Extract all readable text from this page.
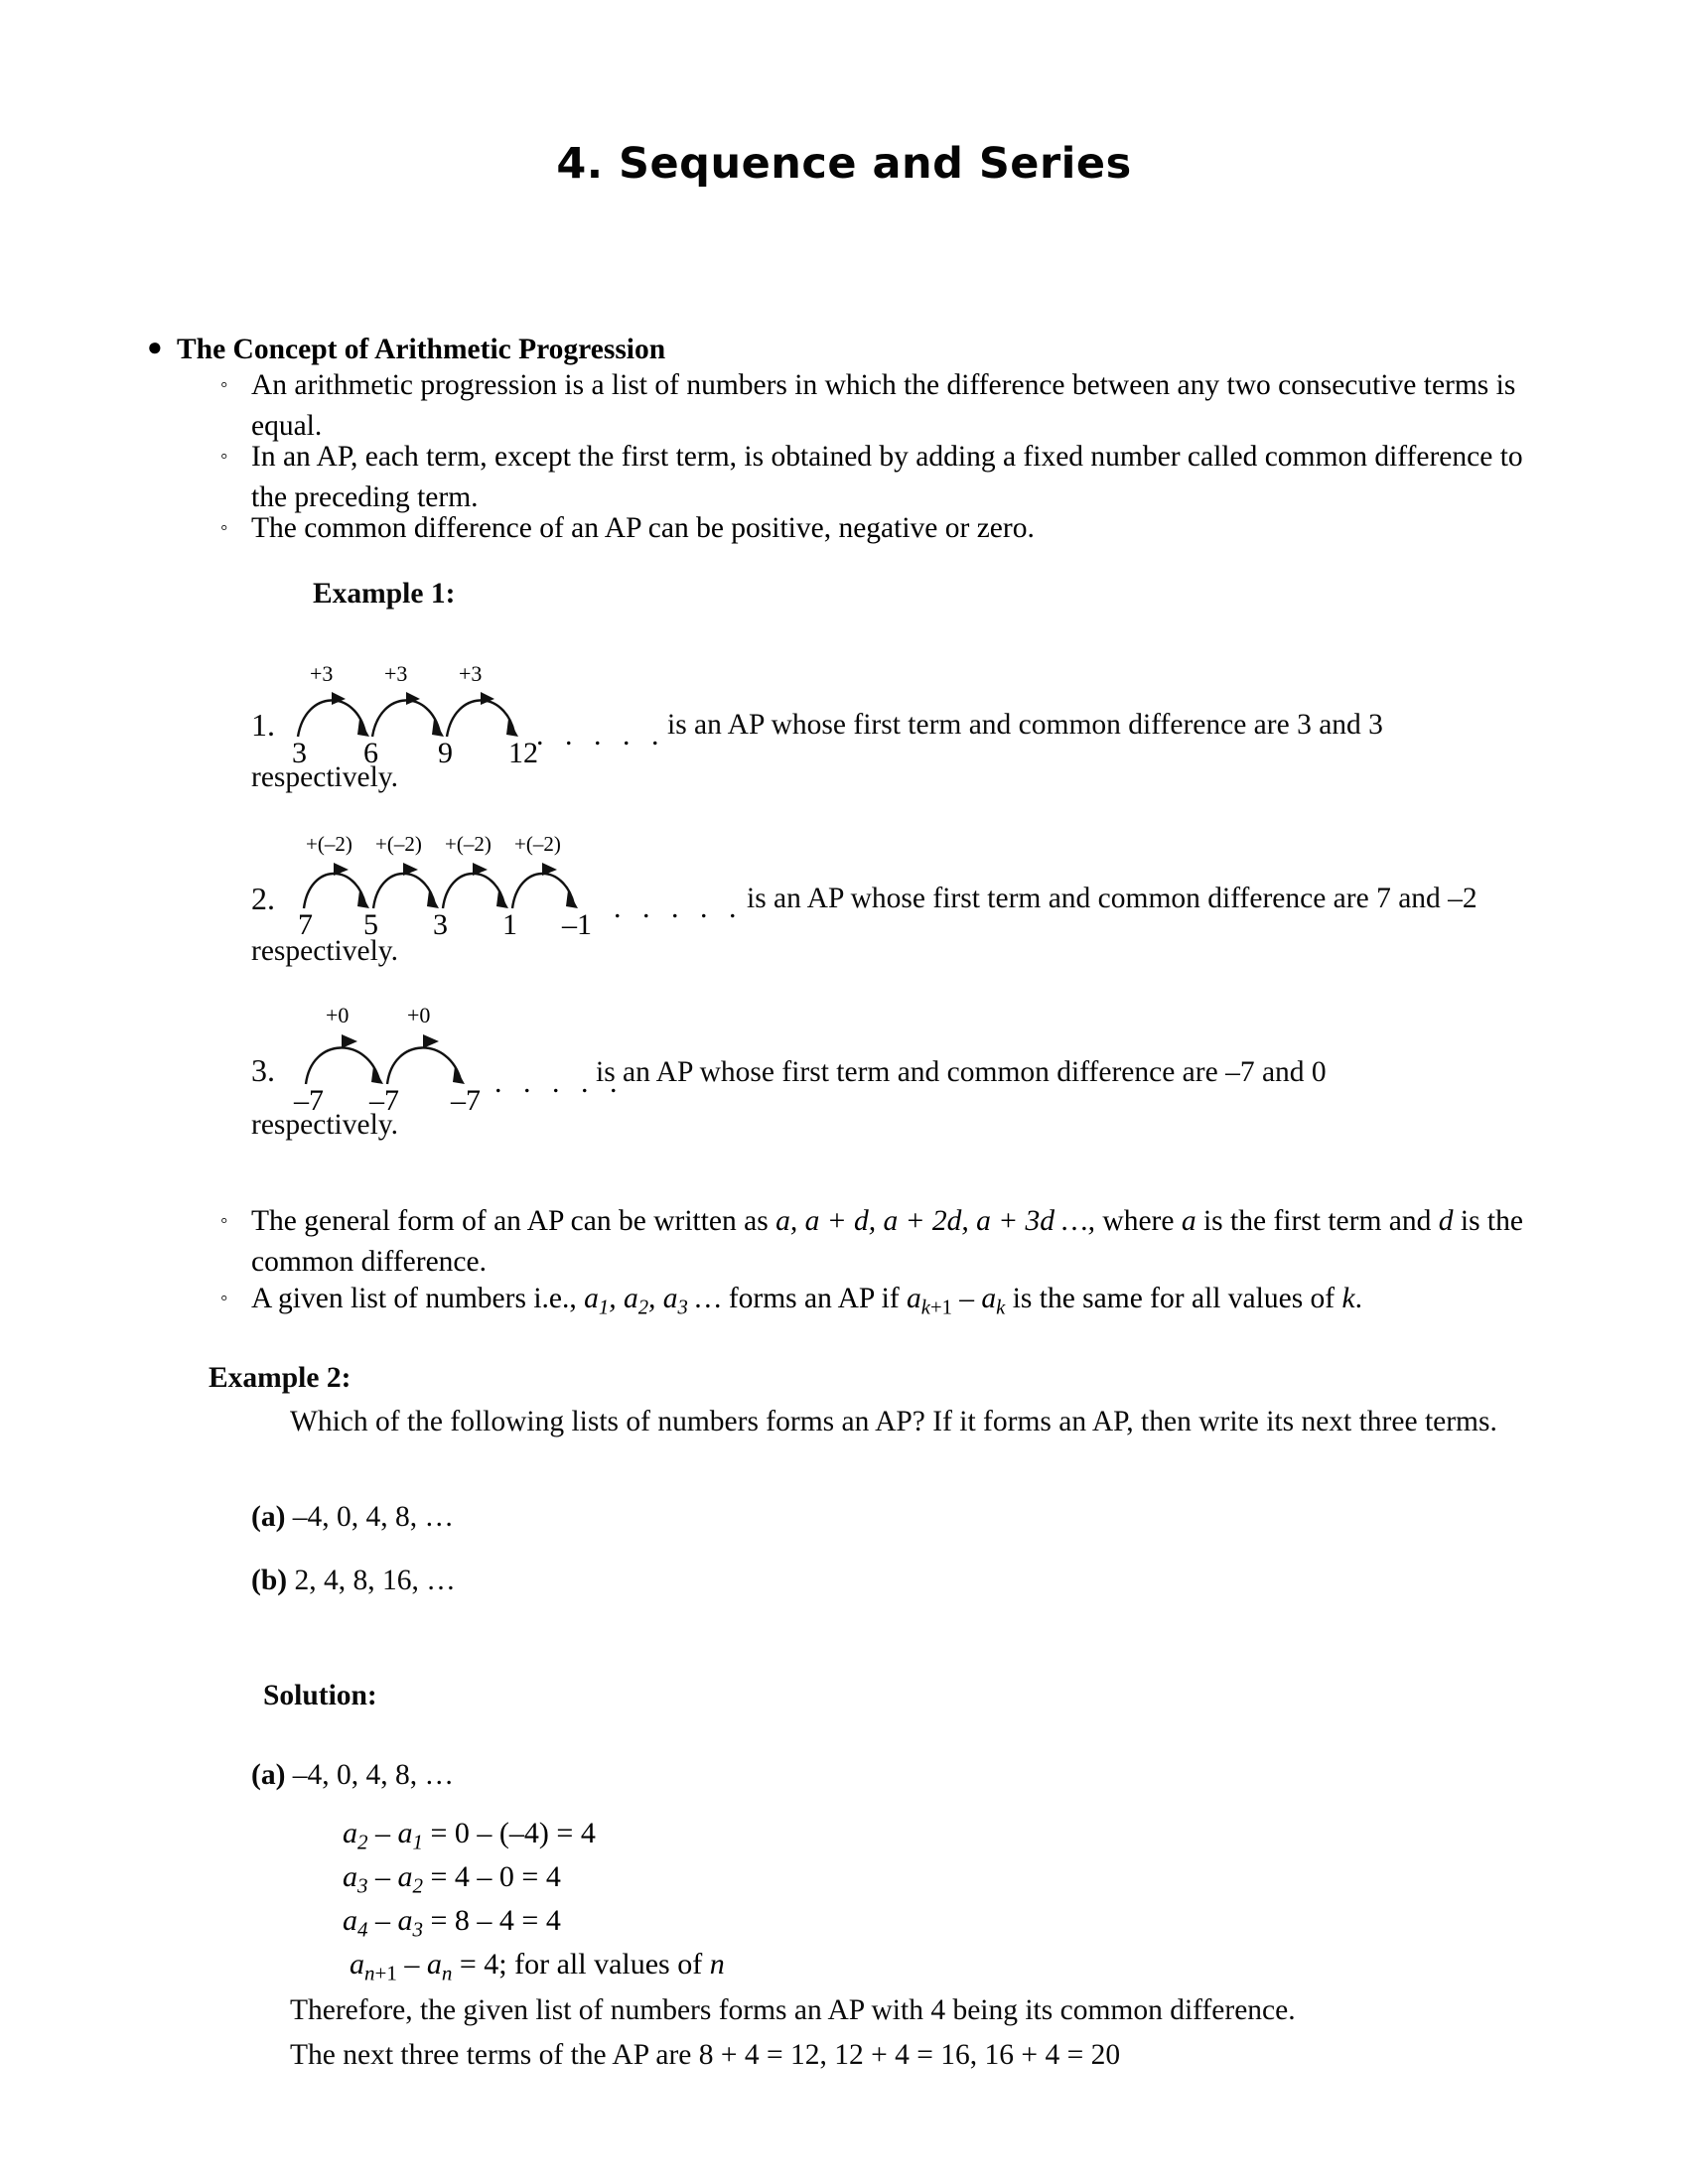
4. Sequence and Series
● The Concept of Arithmetic Progression
◦ An arithmetic progression is a list of numbers in which the difference between any two consecutive terms is equal.
◦ In an AP, each term, except the first term, is obtained by adding a fixed number called common difference to the preceding term.
◦ The common difference of an AP can be positive, negative or zero.
Example 1:
1.
+3 +3 +3
3 6 9 12
. . . . . is an AP whose first term and common difference are 3 and 3
respectively.
2.
+(–2) +(–2) +(–2) +(–2)
7 5 3 1 –1
. . . . . is an AP whose first term and common difference are 7 and –2
respectively.
3.
+0	+0
–7 –7 –7
. . . . .
is an AP whose first term and common difference are –7 and 0
respectively.
◦ The general form of an AP can be written as a, a + d, a + 2d, a + 3d …, where a is the first term and d is the common difference.
◦ A given list of numbers i.e., $a_1$, $a_2$, $a_3$ … forms an AP if $a_{k+1} - a_k$ is the same for all values of k.
Example 2:
Which of the following lists of numbers forms an AP? If it forms an AP, then write its next three terms.
(a) –4, 0, 4, 8, …
(b) 2, 4, 8, 16, …
Solution:
(a) –4, 0, 4, 8, …
$a_2 - a_1 = 0 - (-4) = 4$
$a_3 - a_2 = 4 - 0 = 4$
$a_4 - a_3 = 8 - 4 = 4$
$a_{n+1} - a_n = 4$; for all values of n
Therefore, the given list of numbers forms an AP with 4 being its common difference.
The next three terms of the AP are 8 + 4 = 12, 12 + 4 = 16, 16 + 4 = 20
